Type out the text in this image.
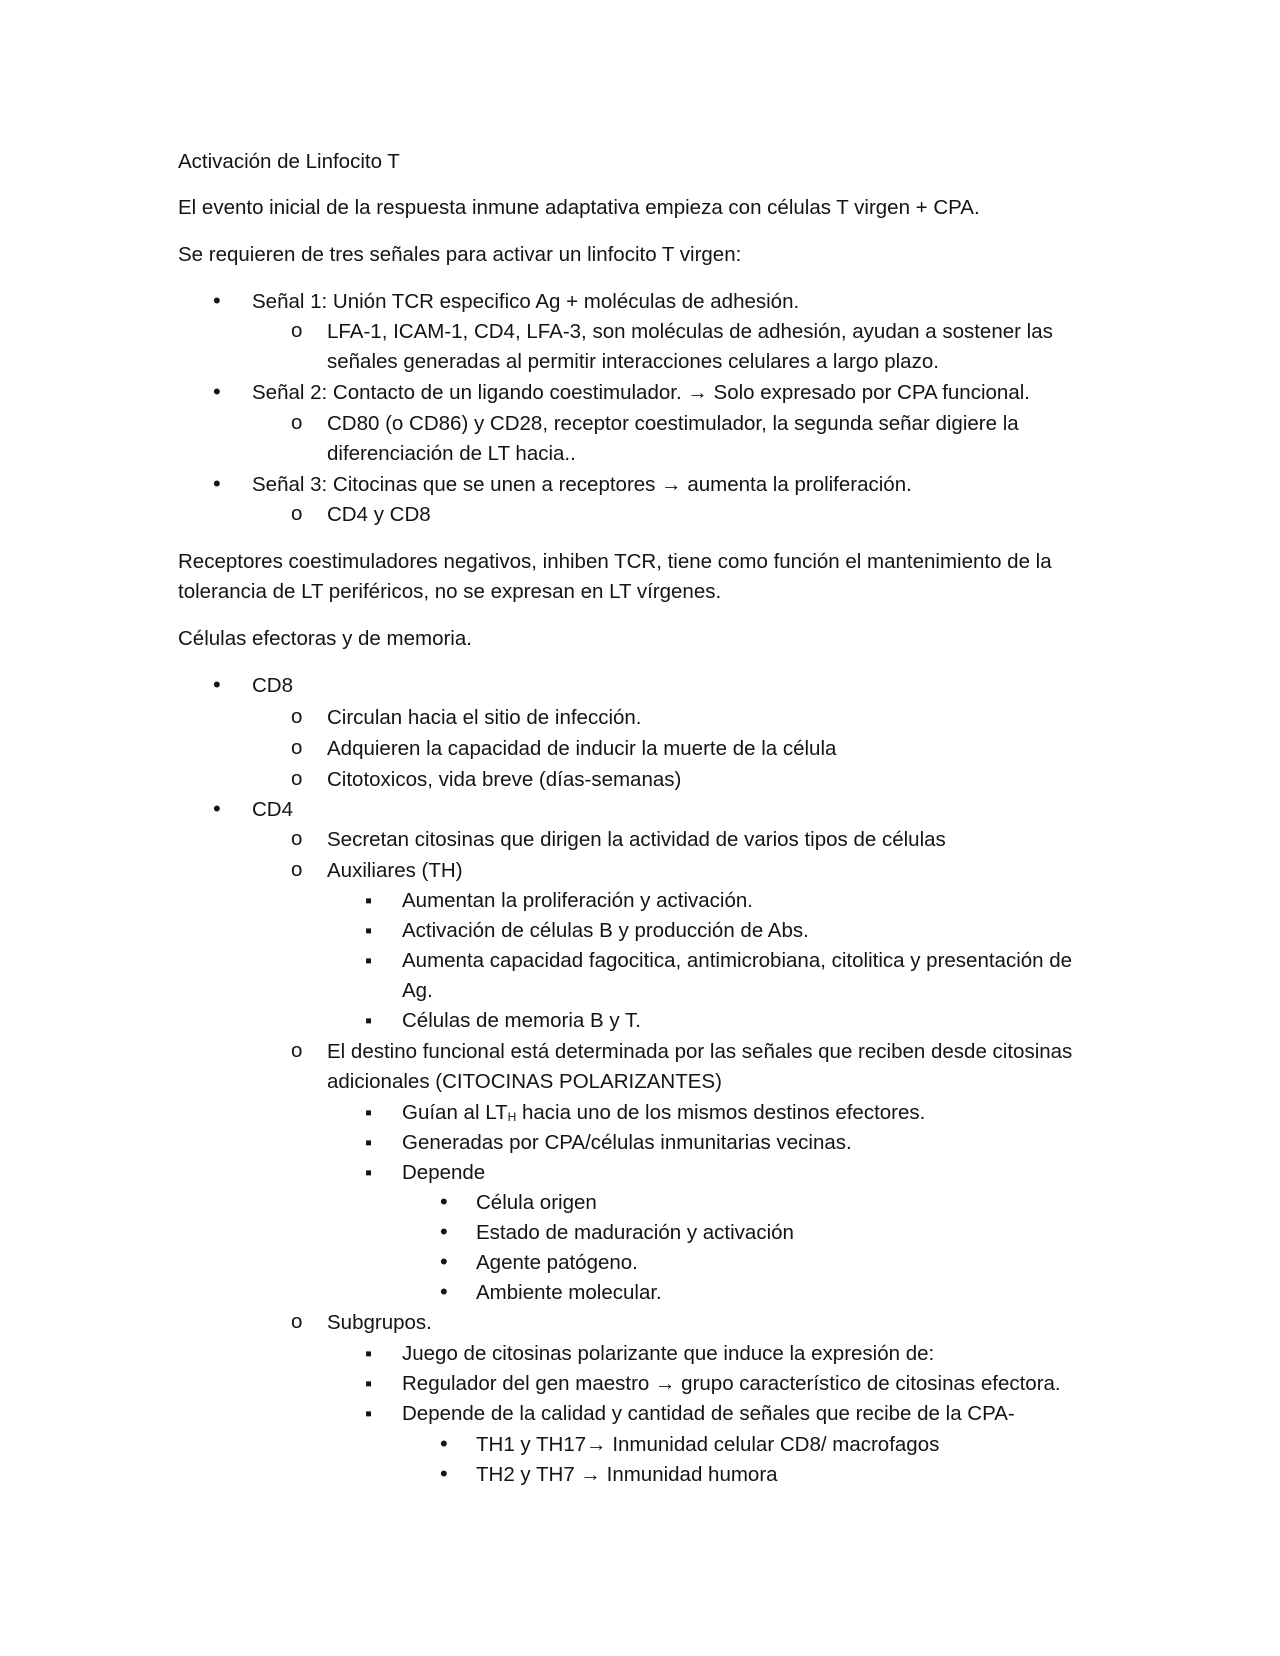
Activación de Linfocito T
El evento inicial de la respuesta inmune adaptativa empieza con células T virgen + CPA.
Se requieren de tres señales para activar un linfocito T virgen:
•
Señal 1: Unión TCR especifico Ag + moléculas de adhesión.
o
LFA-1, ICAM-1, CD4, LFA-3, son moléculas de adhesión, ayudan a sostener las
señales generadas al permitir interacciones celulares a largo plazo.
•
Señal 2: Contacto de un ligando coestimulador. → Solo expresado por CPA funcional.
o
CD80 (o CD86) y CD28, receptor coestimulador, la segunda señar digiere la
diferenciación de LT hacia..
•
Señal 3: Citocinas que se unen a receptores → aumenta la proliferación.
o
CD4 y CD8
Receptores coestimuladores negativos, inhiben TCR, tiene como función el mantenimiento de la
tolerancia de LT periféricos, no se expresan en LT vírgenes.
Células efectoras y de memoria.
•
CD8
o
Circulan hacia el sitio de infección.
o
Adquieren la capacidad de inducir la muerte de la célula
o
Citotoxicos, vida breve (días-semanas)
•
CD4
o
Secretan citosinas que dirigen la actividad de varios tipos de células
o
Auxiliares (TH)
▪
Aumentan la proliferación y activación.
▪
Activación de células B y producción de Abs.
▪
Aumenta capacidad fagocitica, antimicrobiana, citolitica y presentación de
Ag.
▪
Células de memoria B y T.
o
El destino funcional está determinada por las señales que reciben desde citosinas
adicionales (CITOCINAS POLARIZANTES)
▪
Guían al $LT_H$ hacia uno de los mismos destinos efectores.
▪
Generadas por CPA/células inmunitarias vecinas.
▪
Depende
•
Célula origen
•
Estado de maduración y activación
•
Agente patógeno.
•
Ambiente molecular.
o
Subgrupos.
▪
Juego de citosinas polarizante que induce la expresión de:
▪
Regulador del gen maestro → grupo característico de citosinas efectora.
▪
Depende de la calidad y cantidad de señales que recibe de la CPA-
•
TH1 y TH17→ Inmunidad celular CD8/ macrofagos
•
TH2 y TH7 → Inmunidad humora
